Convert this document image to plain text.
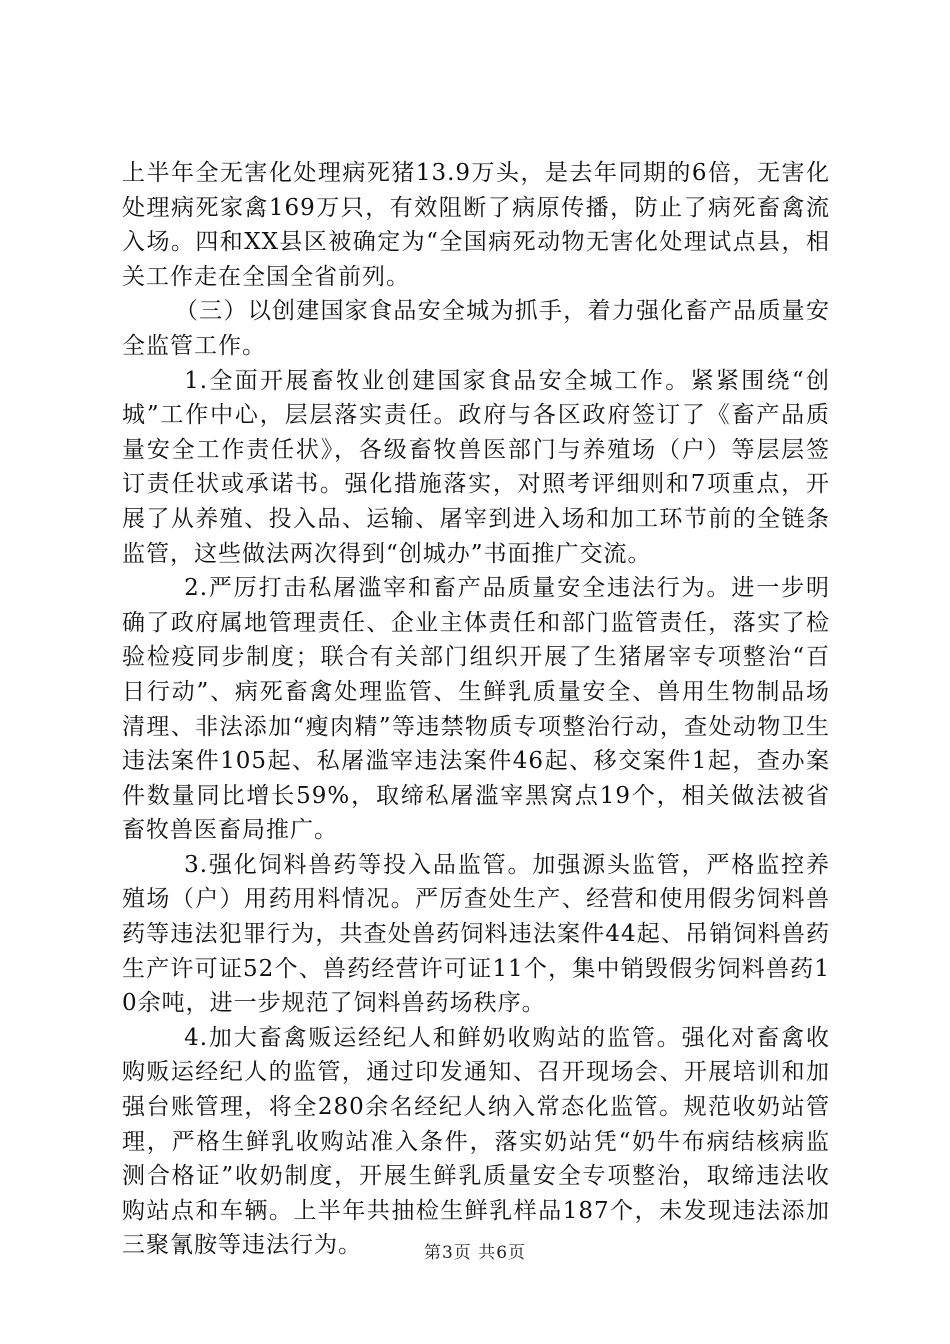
上半年全无害化处理病死猪13.9万头，是去年同期的6倍，无害化处理病死家禽169万只，有效阻断了病原传播，防止了病死畜禽流入场。四和XX县区被确定为“全国病死动物无害化处理试点县，相关工作走在全国全省前列。

（三）以创建国家食品安全城为抓手，着力强化畜产品质量安全监管工作。

1.全面开展畜牧业创建国家食品安全城工作。紧紧围绕“创城”工作中心，层层落实责任。政府与各区政府签订了《畜产品质量安全工作责任状》，各级畜牧兽医部门与养殖场（户）等层层签订责任状或承诺书。强化措施落实，对照考评细则和7项重点，开展了从养殖、投入品、运输、屠宰到进入场和加工环节前的全链条监管，这些做法两次得到“创城办”书面推广交流。

2.严厉打击私屠滥宰和畜产品质量安全违法行为。进一步明确了政府属地管理责任、企业主体责任和部门监管责任，落实了检验检疫同步制度；联合有关部门组织开展了生猪屠宰专项整治“百日行动”、病死畜禽处理监管、生鲜乳质量安全、兽用生物制品场清理、非法添加“瘦肉精”等违禁物质专项整治行动，查处动物卫生违法案件105起、私屠滥宰违法案件46起、移交案件1起，查办案件数量同比增长59%，取缔私屠滥宰黑窝点19个，相关做法被省畜牧兽医畜局推广。

3.强化饲料兽药等投入品监管。加强源头监管，严格监控养殖场（户）用药用料情况。严厉查处生产、经营和使用假劣饲料兽药等违法犯罪行为，共查处兽药饲料违法案件44起、吊销饲料兽药生产许可证52个、兽药经营许可证11个，集中销毁假劣饲料兽药10余吨，进一步规范了饲料兽药场秩序。

4.加大畜禽贩运经纪人和鲜奶收购站的监管。强化对畜禽收购贩运经纪人的监管，通过印发通知、召开现场会、开展培训和加强台账管理，将全280余名经纪人纳入常态化监管。规范收奶站管理，严格生鲜乳收购站准入条件，落实奶站凭“奶牛布病结核病监测合格证”收奶制度，开展生鲜乳质量安全专项整治，取缔违法收购站点和车辆。上半年共抽检生鲜乳样品187个，未发现违法添加三聚氰胺等违法行为。	第3页 共6页
